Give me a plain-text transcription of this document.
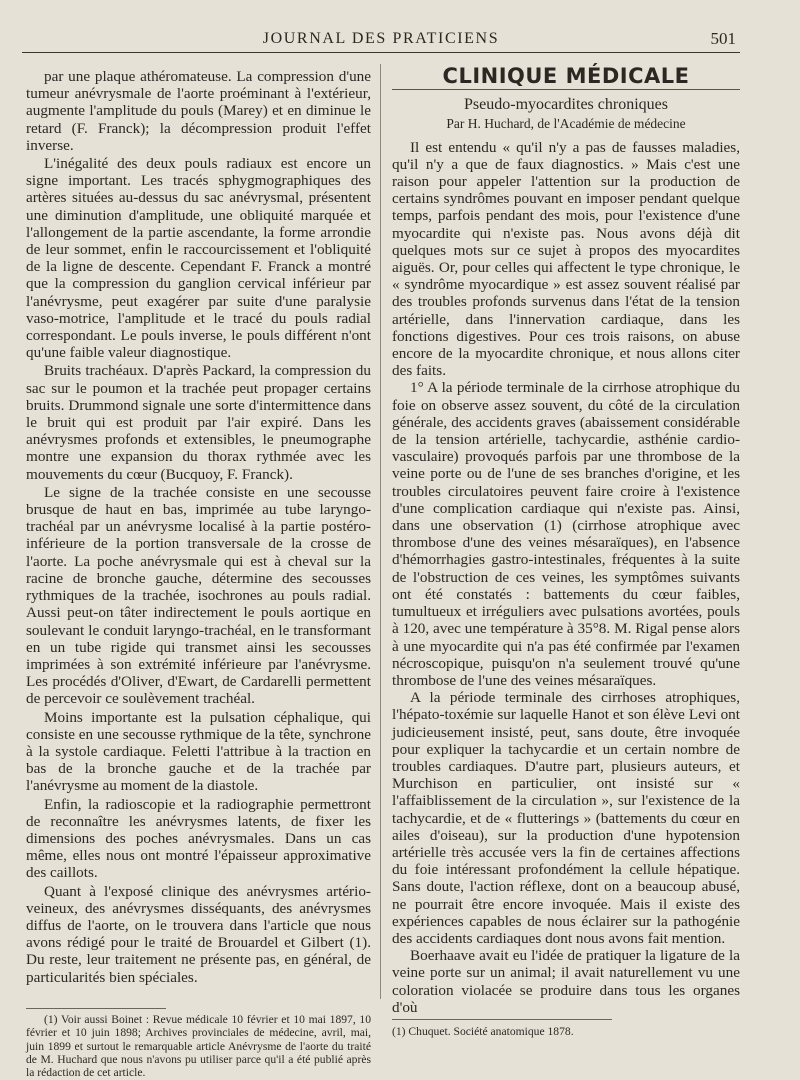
JOURNAL DES PRATICIENS	501

par une plaque athéromateuse. La compression d'une tumeur anévrysmale de l'aorte proéminant à l'extérieur, augmente l'amplitude du pouls (Marey) et en diminue le retard (F. Franck); la décompression produit l'effet inverse.

L'inégalité des deux pouls radiaux est encore un signe important. Les tracés sphygmographiques des artères situées au-dessus du sac anévrysmal, présentent une diminution d'amplitude, une obliquité marquée et l'allongement de la partie ascendante, la forme arrondie de leur sommet, enfin le raccourcissement et l'obliquité de la ligne de descente. Cependant F. Franck a montré que la compression du ganglion cervical inférieur par l'anévrysme, peut exagérer par suite d'une paralysie vaso-motrice, l'amplitude et le tracé du pouls radial correspondant. Le pouls inverse, le pouls différent n'ont qu'une faible valeur diagnostique.

Bruits trachéaux. D'après Packard, la compression du sac sur le poumon et la trachée peut propager certains bruits. Drummond signale une sorte d'intermittence dans le bruit qui est produit par l'air expiré. Dans les anévrysmes profonds et extensibles, le pneumographe montre une expansion du thorax rythmée avec les mouvements du cœur (Bucquoy, F. Franck).

Le signe de la trachée consiste en une secousse brusque de haut en bas, imprimée au tube laryngo-trachéal par un anévrysme localisé à la partie postéro-inférieure de la portion transversale de la crosse de l'aorte. La poche anévrysmale qui est à cheval sur la racine de bronche gauche, détermine des secousses rythmiques de la trachée, isochrones au pouls radial. Aussi peut-on tâter indirectement le pouls aortique en soulevant le conduit laryngo-trachéal, en le transformant en un tube rigide qui transmet ainsi les secousses imprimées à son extrémité inférieure par l'anévrysme. Les procédés d'Oliver, d'Ewart, de Cardarelli permettent de percevoir ce soulèvement trachéal.

Moins importante est la pulsation céphalique, qui consiste en une secousse rythmique de la tête, synchrone à la systole cardiaque. Feletti l'attribue à la traction en bas de la bronche gauche et de la trachée par l'anévrysme au moment de la diastole.

Enfin, la radioscopie et la radiographie permettront de reconnaître les anévrysmes latents, de fixer les dimensions des poches anévrysmales. Dans un cas même, elles nous ont montré l'épaisseur approximative des caillots.

Quant à l'exposé clinique des anévrysmes artério-veineux, des anévrysmes disséquants, des anévrysmes diffus de l'aorte, on le trouvera dans l'article que nous avons rédigé pour le traité de Brouardel et Gilbert (1). Du reste, leur traitement ne présente pas, en général, de particularités bien spéciales.

(1) Voir aussi Boinet : Revue médicale 10 février et 10 mai 1897, 10 février et 10 juin 1898; Archives provinciales de médecine, avril, mai, juin 1899 et surtout le remarquable article Anévrysme de l'aorte du traité de M. Huchard que nous n'avons pu utiliser parce qu'il a été publié après la rédaction de cet article.

CLINIQUE MÉDICALE
Pseudo-myocardites chroniques
Par H. Huchard, de l'Académie de médecine

Il est entendu « qu'il n'y a pas de fausses maladies, qu'il n'y a que de faux diagnostics. » Mais c'est une raison pour appeler l'attention sur la production de certains syndrômes pouvant en imposer pendant quelque temps, parfois pendant des mois, pour l'existence d'une myocardite qui n'existe pas. Nous avons déjà dit quelques mots sur ce sujet à propos des myocardites aiguës. Or, pour celles qui affectent le type chronique, le « syndrôme myocardique » est assez souvent réalisé par des troubles profonds survenus dans l'état de la tension artérielle, dans l'innervation cardiaque, dans les fonctions digestives. Pour ces trois raisons, on abuse encore de la myocardite chronique, et nous allons citer des faits.

1° A la période terminale de la cirrhose atrophique du foie on observe assez souvent, du côté de la circulation générale, des accidents graves (abaissement considérable de la tension artérielle, tachycardie, asthénie cardio-vasculaire) provoqués parfois par une thrombose de la veine porte ou de l'une de ses branches d'origine, et les troubles circulatoires peuvent faire croire à l'existence d'une complication cardiaque qui n'existe pas. Ainsi, dans une observation (1) (cirrhose atrophique avec thrombose d'une des veines mésaraïques), en l'absence d'hémorrhagies gastro-intestinales, fréquentes à la suite de l'obstruction de ces veines, les symptômes suivants ont été constatés : battements du cœur faibles, tumultueux et irréguliers avec pulsations avortées, pouls à 120, avec une température à 35°8. M. Rigal pense alors à une myocardite qui n'a pas été confirmée par l'examen nécroscopique, puisqu'on n'a seulement trouvé qu'une thrombose de l'une des veines mésaraïques.

A la période terminale des cirrhoses atrophiques, l'hépato-toxémie sur laquelle Hanot et son élève Levi ont judicieusement insisté, peut, sans doute, être invoquée pour expliquer la tachycardie et un certain nombre de troubles cardiaques. D'autre part, plusieurs auteurs, et Murchison en particulier, ont insisté sur « l'affaiblissement de la circulation », sur l'existence de la tachycardie, et de « flutterings » (battements du cœur en ailes d'oiseau), sur la production d'une hypotension artérielle très accusée vers la fin de certaines affections du foie intéressant profondément la cellule hépatique. Sans doute, l'action réflexe, dont on a beaucoup abusé, ne pourrait être encore invoquée. Mais il existe des expériences capables de nous éclairer sur la pathogénie des accidents cardiaques dont nous avons fait mention.

Boerhaave avait eu l'idée de pratiquer la ligature de la veine porte sur un animal; il avait naturellement vu une coloration violacée se produire dans tous les organes d'où

(1) Chuquet. Société anatomique 1878.
